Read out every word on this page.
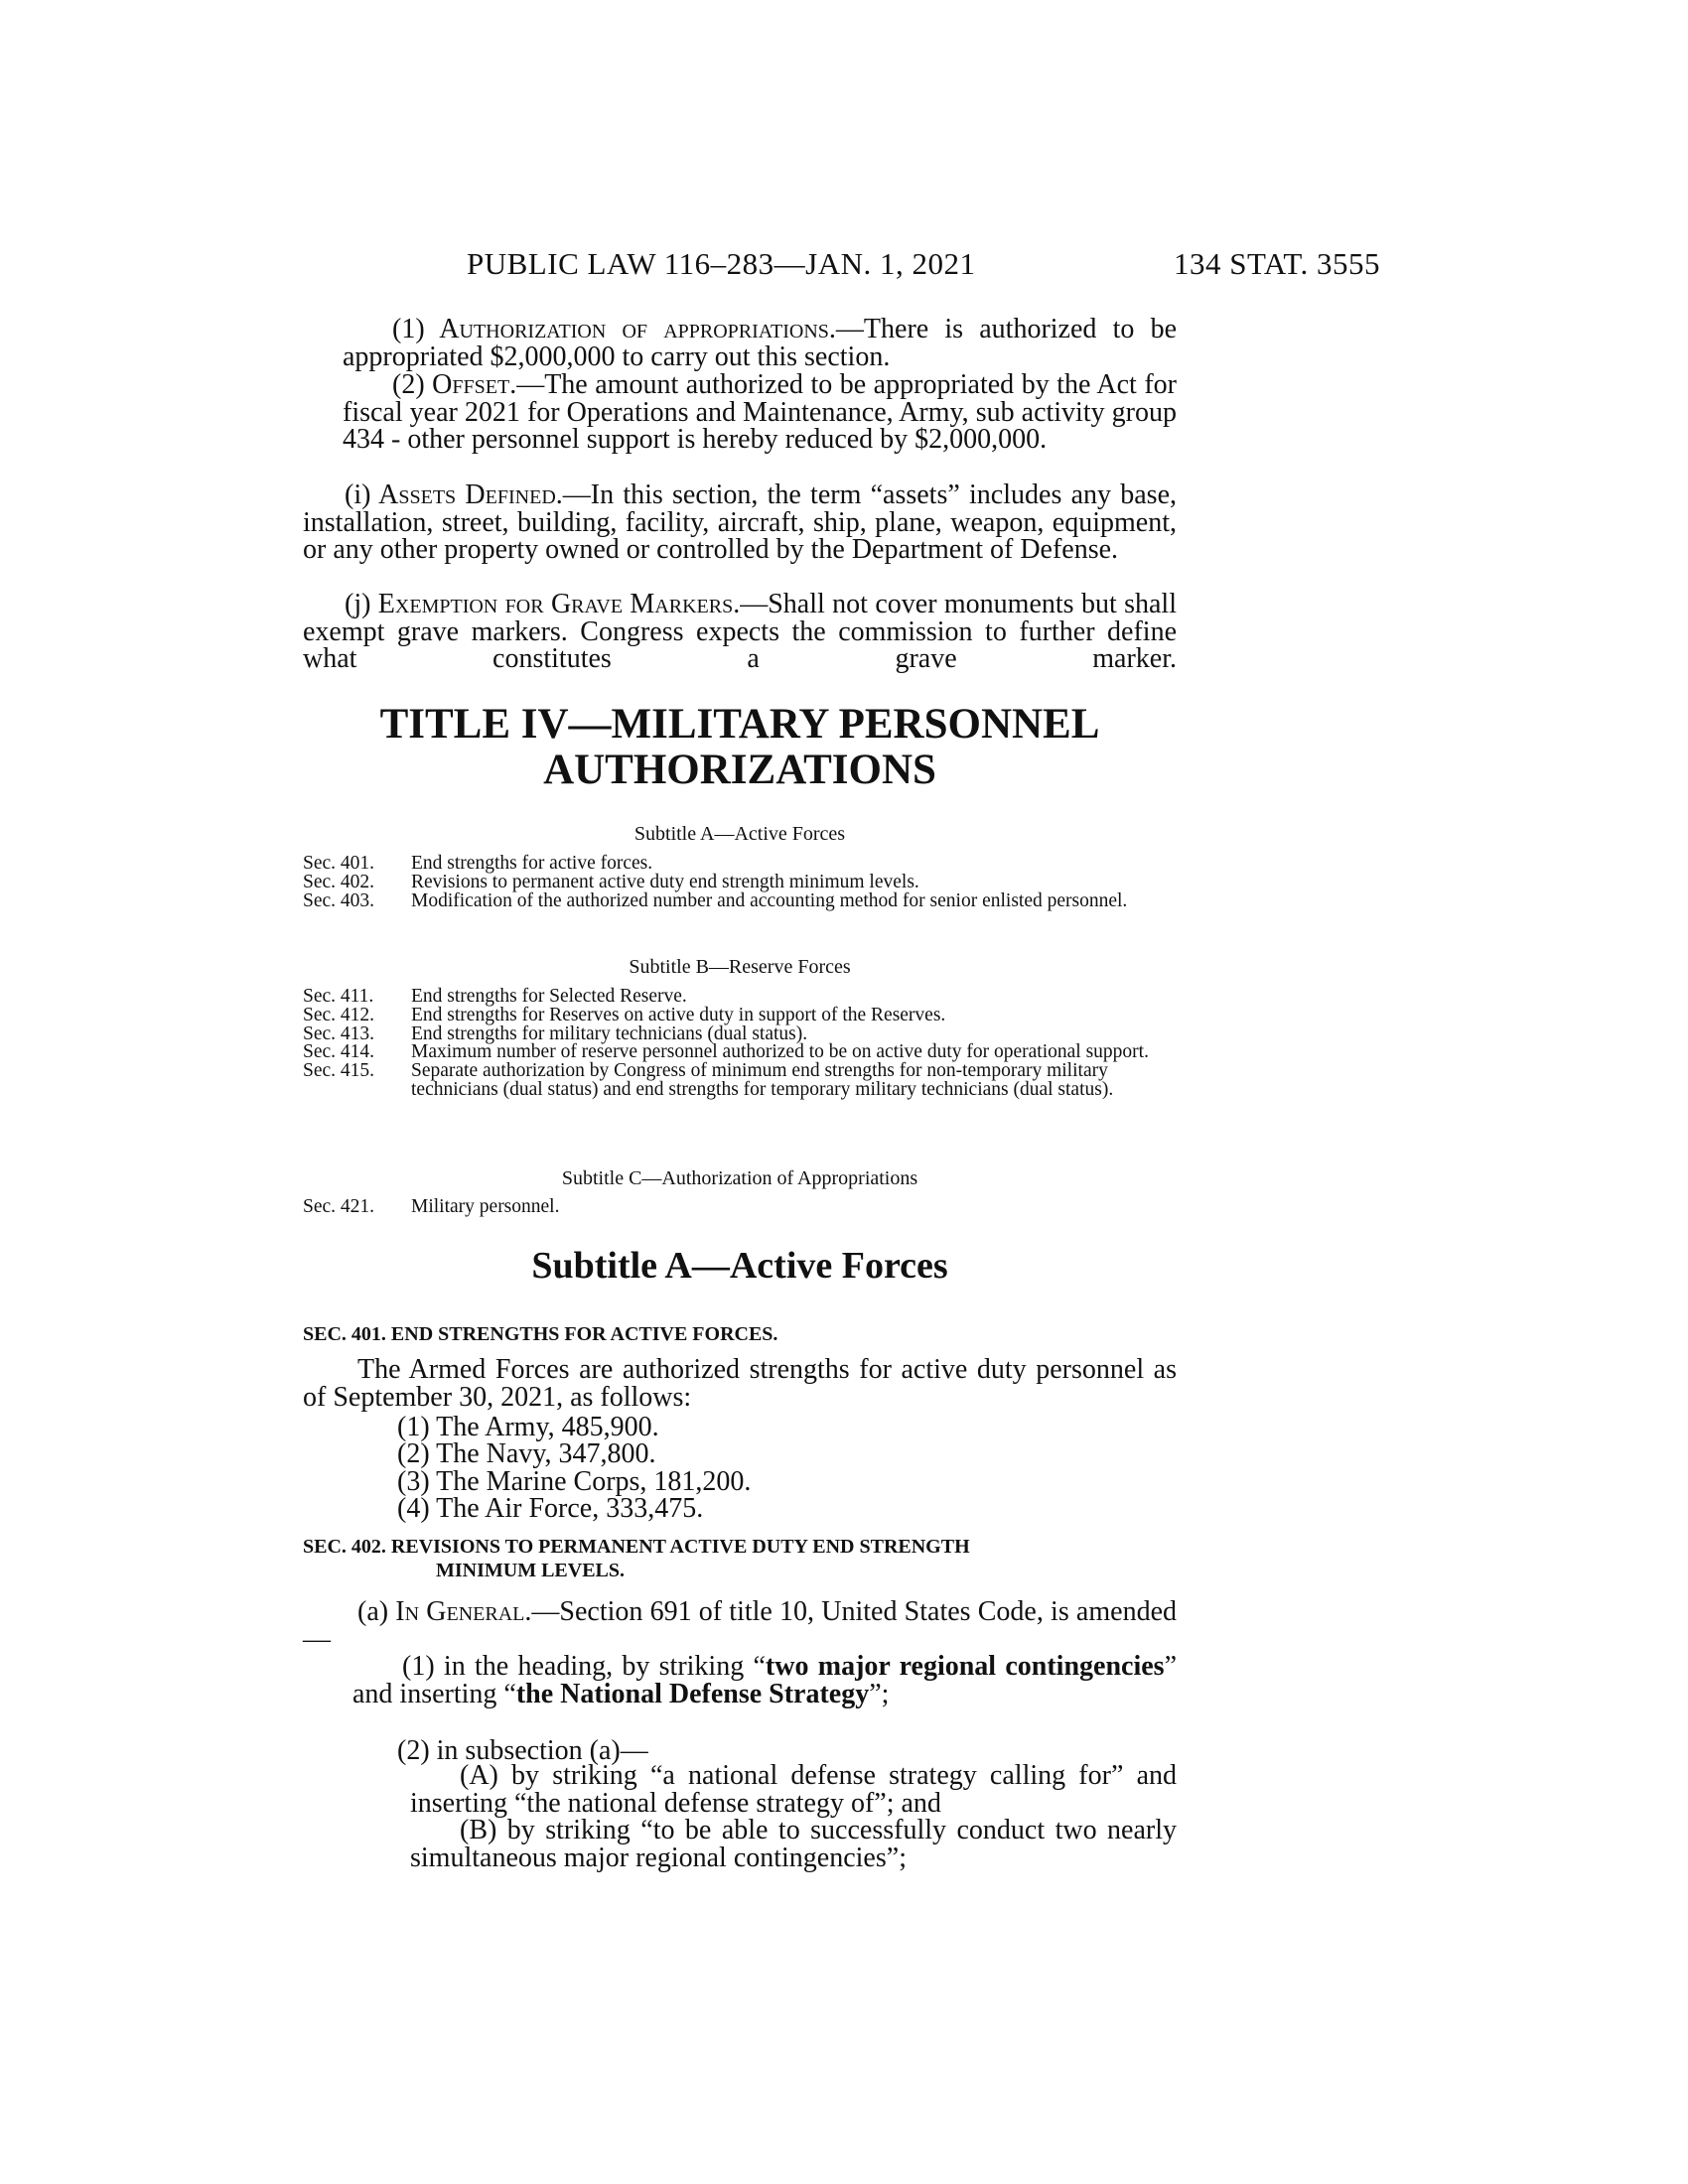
PUBLIC LAW 116–283—JAN. 1, 2021	134 STAT. 3555
(1) Authorization of appropriations.—There is authorized to be appropriated $2,000,000 to carry out this section.
(2) Offset.—The amount authorized to be appropriated by the Act for fiscal year 2021 for Operations and Maintenance, Army, sub activity group 434 - other personnel support is hereby reduced by $2,000,000.
(i) Assets Defined.—In this section, the term “assets” includes any base, installation, street, building, facility, aircraft, ship, plane, weapon, equipment, or any other property owned or controlled by the Department of Defense.
(j) Exemption for Grave Markers.—Shall not cover monuments but shall exempt grave markers. Congress expects the commission to further define what constitutes a grave marker.
TITLE IV—MILITARY PERSONNEL
AUTHORIZATIONS
Subtitle A—Active Forces
Sec. 401. End strengths for active forces.
Sec. 402. Revisions to permanent active duty end strength minimum levels.
Sec. 403. Modification of the authorized number and accounting method for senior enlisted personnel.
Subtitle B—Reserve Forces
Sec. 411. End strengths for Selected Reserve.
Sec. 412. End strengths for Reserves on active duty in support of the Reserves.
Sec. 413. End strengths for military technicians (dual status).
Sec. 414. Maximum number of reserve personnel authorized to be on active duty for operational support.
Sec. 415. Separate authorization by Congress of minimum end strengths for non-temporary military technicians (dual status) and end strengths for temporary military technicians (dual status).
Subtitle C—Authorization of Appropriations
Sec. 421. Military personnel.
Subtitle A—Active Forces
SEC. 401. END STRENGTHS FOR ACTIVE FORCES.
The Armed Forces are authorized strengths for active duty personnel as of September 30, 2021, as follows:
(1) The Army, 485,900.
(2) The Navy, 347,800.
(3) The Marine Corps, 181,200.
(4) The Air Force, 333,475.
SEC. 402. REVISIONS TO PERMANENT ACTIVE DUTY END STRENGTH
MINIMUM LEVELS.
(a) In General.—Section 691 of title 10, United States Code, is amended—
(1) in the heading, by striking “two major regional contingencies” and inserting “the National Defense Strategy”;
(2) in subsection (a)—
(A) by striking “a national defense strategy calling for” and inserting “the national defense strategy of”; and
(B) by striking “to be able to successfully conduct two nearly simultaneous major regional contingencies”;
